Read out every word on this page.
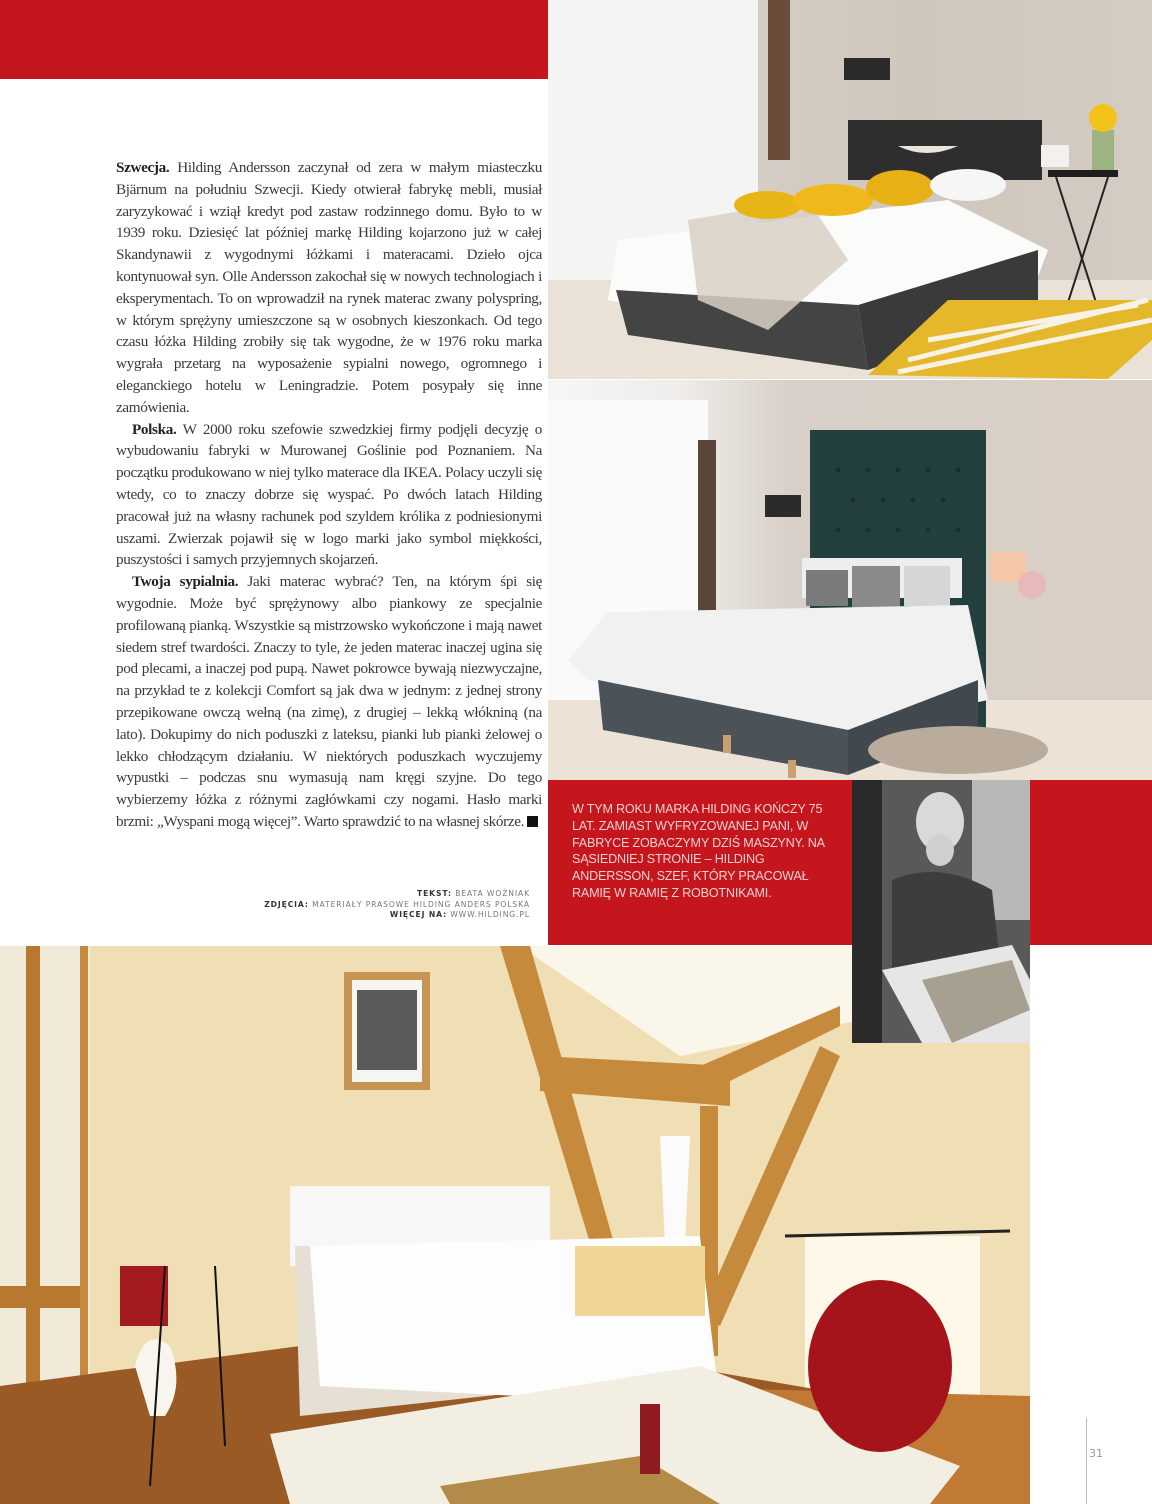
W TYM ROKU MARKA HILDING KOŃCZY 75 LAT. ZAMIAST WYFRYZOWANEJ PANI, W FABRYCE ZOBACZYMY DZIŚ MASZYNY. NA SĄSIEDNIEJ STRONIE – HILDING ANDERSSON, SZEF, KTÓRY PRACOWAŁ RAMIĘ W RAMIĘ Z ROBOTNIKAMI.

Szwecja. Hilding Andersson zaczynał od zera w małym miasteczku Bjärnum na południu Szwecji. Kiedy otwierał fabrykę mebli, musiał zaryzykować i wziął kredyt pod zastaw rodzinnego domu. Było to w 1939 roku. Dziesięć lat później markę Hilding kojarzono już w całej Skandynawii z wygodnymi łóżkami i materacami. Dzieło ojca kontynuował syn. Olle Andersson zakochał się w nowych technologiach i eksperymentach. To on wprowadził na rynek materac zwany polyspring, w którym sprężyny umieszczone są w osobnych kieszonkach. Od tego czasu łóżka Hilding zrobiły się tak wygodne, że w 1976 roku marka wygrała przetarg na wyposażenie sypialni nowego, ogromnego i eleganckiego hotelu w Leningradzie. Potem posypały się inne zamówienia.

Polska. W 2000 roku szefowie szwedzkiej firmy podjęli decyzję o wybudowaniu fabryki w Murowanej Goślinie pod Poznaniem. Na początku produkowano w niej tylko materace dla IKEA. Polacy uczyli się wtedy, co to znaczy dobrze się wyspać. Po dwóch latach Hilding pracował już na własny rachunek pod szyldem królika z podniesionymi uszami. Zwierzak pojawił się w logo marki jako symbol miękkości, puszystości i samych przyjemnych skojarzeń.

Twoja sypialnia. Jaki materac wybrać? Ten, na którym śpi się wygodnie. Może być sprężynowy albo piankowy ze specjalnie profilowaną pianką. Wszystkie są mistrzowsko wykończone i mają nawet siedem stref twardości. Znaczy to tyle, że jeden materac inaczej ugina się pod plecami, a inaczej pod pupą. Nawet pokrowce bywają niezwyczajne, na przykład te z kolekcji Comfort są jak dwa w jednym: z jednej strony przepikowane owczą wełną (na zimę), z drugiej – lekką włókniną (na lato). Dokupimy do nich poduszki z lateksu, pianki lub pianki żelowej o lekko chłodzącym działaniu. W niektórych poduszkach wyczujemy wypustki – podczas snu wymasują nam kręgi szyjne. Do tego wybierzemy łóżka z różnymi zagłówkami czy nogami. Hasło marki brzmi: „Wyspani mogą więcej”. Warto sprawdzić to na własnej skórze.

TEKST: BEATA WOŹNIAK
ZDJĘCIA: MATERIAŁY PRASOWE HILDING ANDERS POLSKA
WIĘCEJ NA: WWW.HILDING.PL
31
